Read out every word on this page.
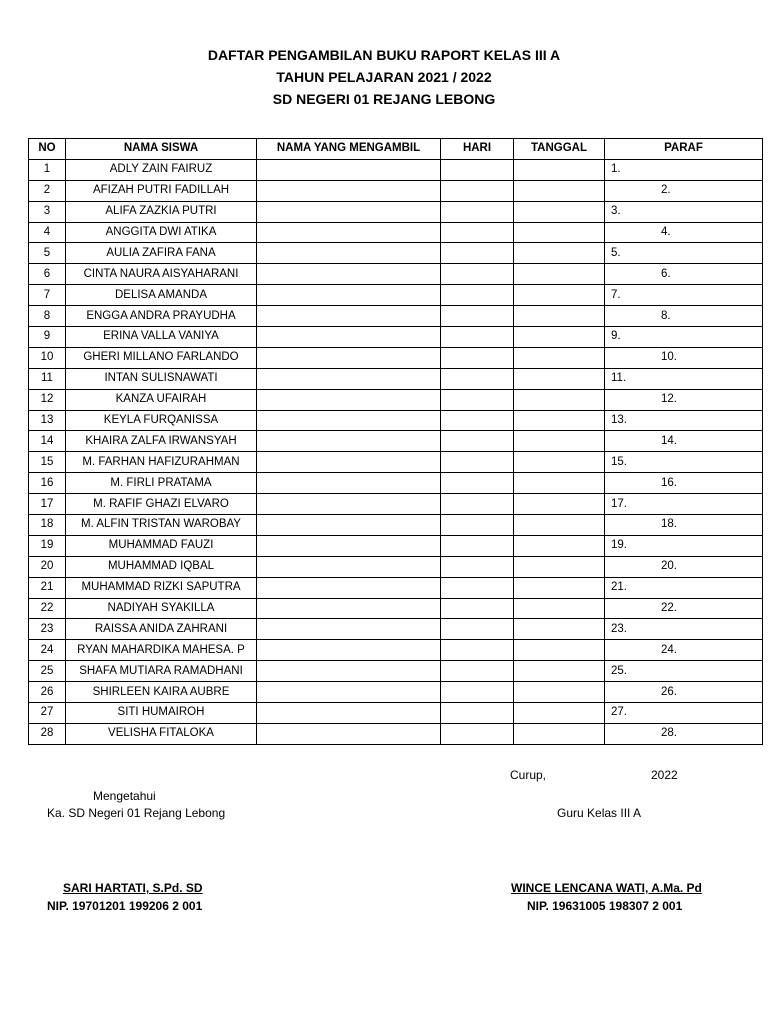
DAFTAR PENGAMBILAN BUKU RAPORT KELAS III A
TAHUN PELAJARAN 2021 / 2022
SD NEGERI 01 REJANG LEBONG
NO	NAMA SISWA	NAMA YANG MENGAMBIL	HARI	TANGGAL	PARAF
1	ADLY ZAIN FAIRUZ				1.
2	AFIZAH PUTRI FADILLAH				2.
3	ALIFA ZAZKIA PUTRI				3.
4	ANGGITA DWI ATIKA				4.
5	AULIA ZAFIRA FANA				5.
6	CINTA NAURA AISYAHARANI				6.
7	DELISA AMANDA				7.
8	ENGGA ANDRA PRAYUDHA				8.
9	ERINA VALLA VANIYA				9.
10	GHERI MILLANO FARLANDO				10.
11	INTAN SULISNAWATI				11.
12	KANZA UFAIRAH				12.
13	KEYLA FURQANISSA				13.
14	KHAIRA ZALFA IRWANSYAH				14.
15	M. FARHAN HAFIZURAHMAN				15.
16	M. FIRLI PRATAMA				16.
17	M. RAFIF GHAZI ELVARO				17.
18	M. ALFIN TRISTAN WAROBAY				18.
19	MUHAMMAD FAUZI				19.
20	MUHAMMAD IQBAL				20.
21	MUHAMMAD RIZKI SAPUTRA				21.
22	NADIYAH SYAKILLA				22.
23	RAISSA ANIDA ZAHRANI				23.
24	RYAN MAHARDIKA MAHESA. P				24.
25	SHAFA MUTIARA RAMADHANI				25.
26	SHIRLEEN KAIRA AUBRE				26.
27	SITI HUMAIROH				27.
28	VELISHA FITALOKA				28.
Curup,	2022
Mengetahui
Ka. SD Negeri 01 Rejang Lebong	Guru Kelas III A
SARI HARTATI, S.Pd. SD
NIP. 19701201 199206 2 001
WINCE LENCANA WATI, A.Ma. Pd
NIP. 19631005 198307 2 001
